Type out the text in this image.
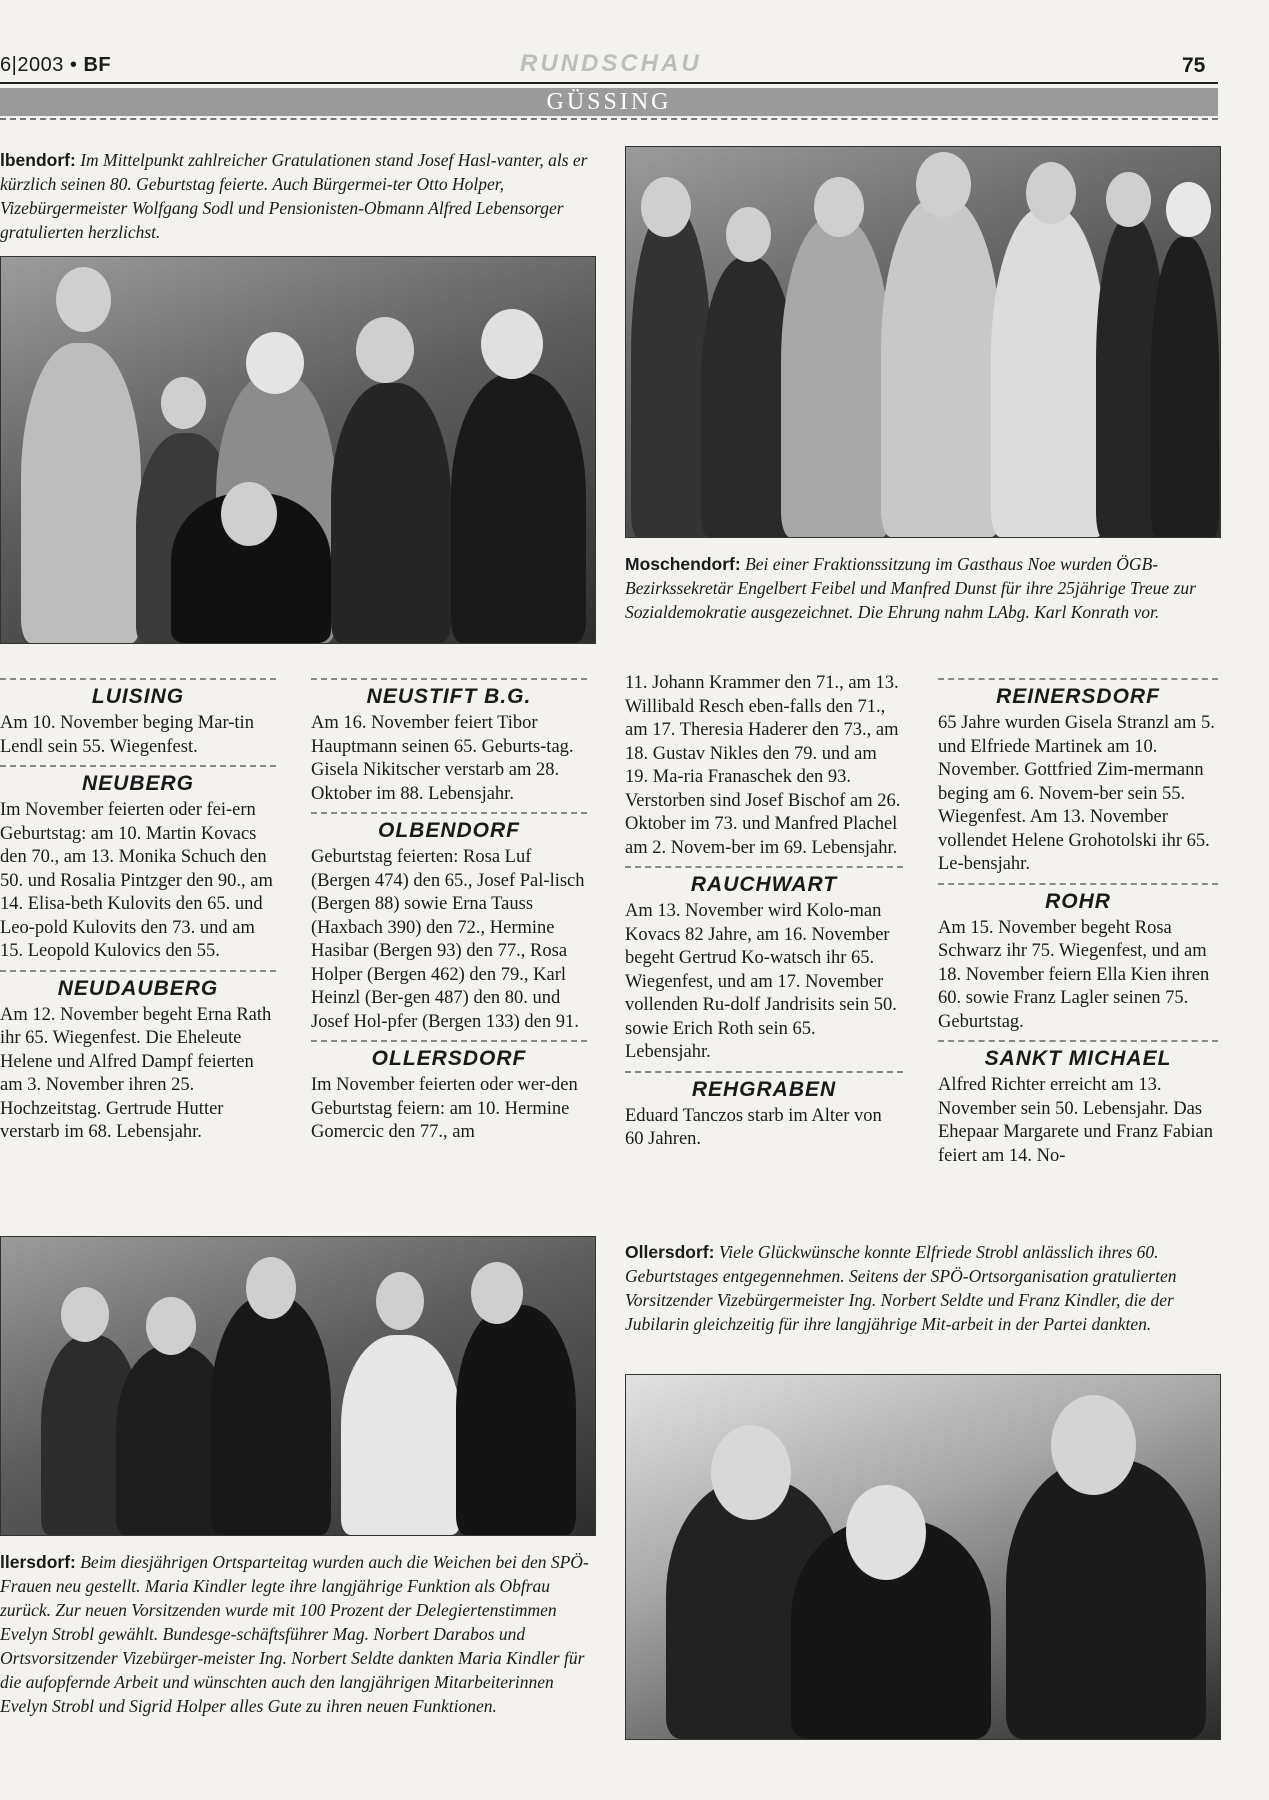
6|2003 • BF	RUNDSCHAU	75
GÜSSING
lbendorf: Im Mittelpunkt zahlreicher Gratulationen stand Josef Hasl-vanter, als er kürzlich seinen 80. Geburtstag feierte. Auch Bürgermei-ter Otto Holper, Vizebürgermeister Wolfgang Sodl und Pensionisten-Obmann Alfred Lebensorger gratulierten herzlichst.
Moschendorf: Bei einer Fraktionssitzung im Gasthaus Noe wurden ÖGB-Bezirkssekretär Engelbert Feibel und Manfred Dunst für ihre 25jährige Treue zur Sozialdemokratie ausgezeichnet. Die Ehrung nahm LAbg. Karl Konrath vor.
LUISING

Am 10. November beging Mar-tin Lendl sein 55. Wiegenfest.

NEUBERG

Im November feierten oder fei-ern Geburtstag: am 10. Martin Kovacs den 70., am 13. Monika Schuch den 50. und Rosalia Pintzger den 90., am 14. Elisa-beth Kulovits den 65. und Leo-pold Kulovits den 73. und am 15. Leopold Kulovics den 55.

NEUDAUBERG

Am 12. November begeht Erna Rath ihr 65. Wiegenfest. Die Eheleute Helene und Alfred Dampf feierten am 3. November ihren 25. Hochzeitstag. Gertrude Hutter verstarb im 68. Lebensjahr.

NEUSTIFT B.G.

Am 16. November feiert Tibor Hauptmann seinen 65. Geburts-tag. Gisela Nikitscher verstarb am 28. Oktober im 88. Lebensjahr.

OLBENDORF

Geburtstag feierten: Rosa Luf (Bergen 474) den 65., Josef Pal-lisch (Bergen 88) sowie Erna Tauss (Haxbach 390) den 72., Hermine Hasibar (Bergen 93) den 77., Rosa Holper (Bergen 462) den 79., Karl Heinzl (Ber-gen 487) den 80. und Josef Hol-pfer (Bergen 133) den 91.

OLLERSDORF

Im November feierten oder wer-den Geburtstag feiern: am 10. Hermine Gomercic den 77., am

11. Johann Krammer den 71., am 13. Willibald Resch eben-falls den 71., am 17. Theresia Haderer den 73., am 18. Gustav Nikles den 79. und am 19. Ma-ria Franaschek den 93. Verstorben sind Josef Bischof am 26. Oktober im 73. und Manfred Plachel am 2. Novem-ber im 69. Lebensjahr.

RAUCHWART

Am 13. November wird Kolo-man Kovacs 82 Jahre, am 16. November begeht Gertrud Ko-watsch ihr 65. Wiegenfest, und am 17. November vollenden Ru-dolf Jandrisits sein 50. sowie Erich Roth sein 65. Lebensjahr.

REHGRABEN

Eduard Tanczos starb im Alter von 60 Jahren.

REINERSDORF

65 Jahre wurden Gisela Stranzl am 5. und Elfriede Martinek am 10. November. Gottfried Zim-mermann beging am 6. Novem-ber sein 55. Wiegenfest. Am 13. November vollendet Helene Grohotolski ihr 65. Le-bensjahr.

ROHR

Am 15. November begeht Rosa Schwarz ihr 75. Wiegenfest, und am 18. November feiern Ella Kien ihren 60. sowie Franz Lagler seinen 75. Geburtstag.

SANKT MICHAEL

Alfred Richter erreicht am 13. November sein 50. Lebensjahr. Das Ehepaar Margarete und Franz Fabian feiert am 14. No-

llersdorf: Beim diesjährigen Ortsparteitag wurden auch die Weichen bei den SPÖ-Frauen neu gestellt. Maria Kindler legte ihre langjährige Funktion als Obfrau zurück. Zur neuen Vorsitzenden wurde mit 100 Prozent der Delegiertenstimmen Evelyn Strobl gewählt. Bundesge-schäftsführer Mag. Norbert Darabos und Ortsvorsitzender Vizebürger-meister Ing. Norbert Seldte dankten Maria Kindler für die aufopfernde Arbeit und wünschten auch den langjährigen Mitarbeiterinnen Evelyn Strobl und Sigrid Holper alles Gute zu ihren neuen Funktionen.
Ollersdorf: Viele Glückwünsche konnte Elfriede Strobl anlässlich ihres 60. Geburtstages entgegennehmen. Seitens der SPÖ-Ortsorganisation gratulierten Vorsitzender Vizebürgermeister Ing. Norbert Seldte und Franz Kindler, die der Jubilarin gleichzeitig für ihre langjährige Mit-arbeit in der Partei dankten.
